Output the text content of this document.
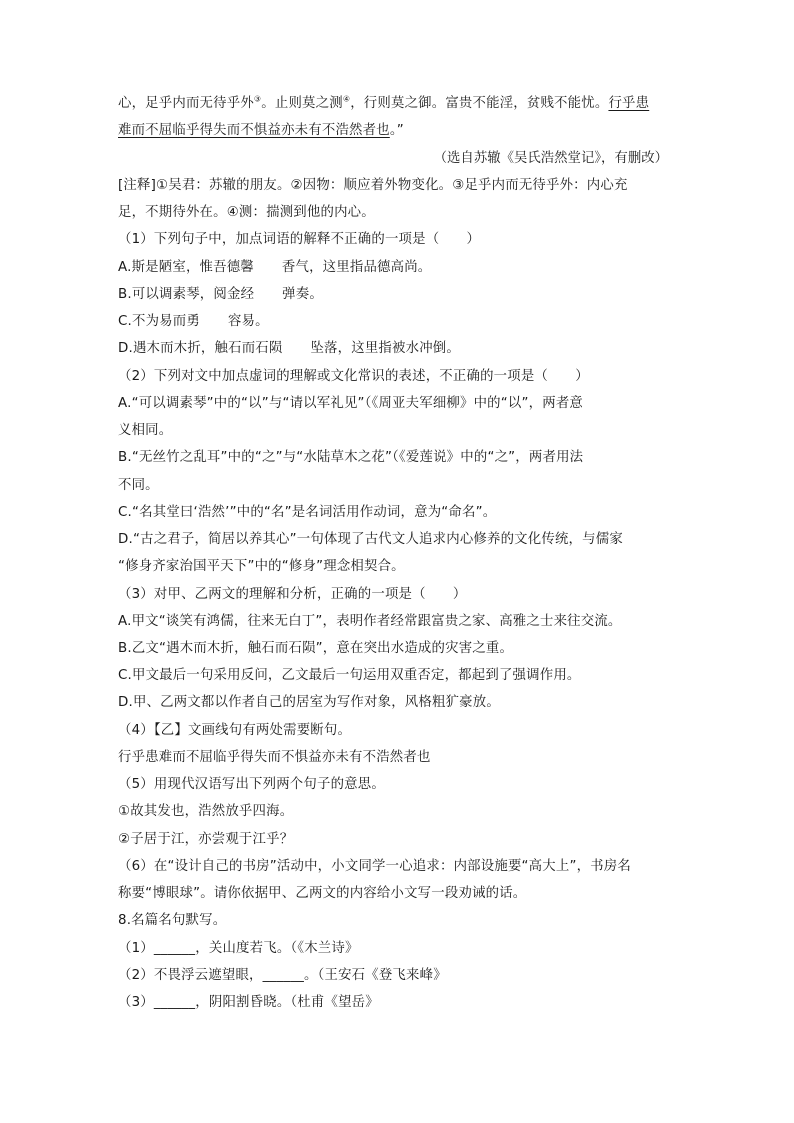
心，足乎内而无待乎外③。止则莫之测④，行则莫之御。富贵不能淫，贫贱不能忧。行乎患
难而不屈临乎得失而不惧益亦未有不浩然者也。”
（选自苏辙《吴氏浩然堂记》，有删改）
[注释]①吴君：苏辙的朋友。②因物：顺应着外物变化。③足乎内而无待乎外：内心充
足，不期待外在。④测：揣测到他的内心。
（1）下列句子中，加点词语的解释不正确的一项是（　　）
A.斯是陋室，惟吾德馨 香气，这里指品德高尚。
B.可以调素琴，阅金经 弹奏。
C.不为易而勇 容易。
D.遇木而木折，触石而石陨 坠落，这里指被水冲倒。
（2）下列对文中加点虚词的理解或文化常识的表述，不正确的一项是（　　）
A.“可以调素琴”中的“以”与“请以军礼见”（《周亚夫军细柳》中的“以”，两者意
义相同。
B.“无丝竹之乱耳”中的“之”与“水陆草木之花”（《爱莲说》中的“之”，两者用法
不同。
C.“名其堂曰‘浩然’”中的“名”是名词活用作动词，意为“命名”。
D.“古之君子，简居以养其心”一句体现了古代文人追求内心修养的文化传统，与儒家
“修身齐家治国平天下”中的“修身”理念相契合。
（3）对甲、乙两文的理解和分析，正确的一项是（　　）
A.甲文“谈笑有鸿儒，往来无白丁”，表明作者经常跟富贵之家、高雅之士来往交流。
B.乙文“遇木而木折，触石而石陨”，意在突出水造成的灾害之重。
C.甲文最后一句采用反问，乙文最后一句运用双重否定，都起到了强调作用。
D.甲、乙两文都以作者自己的居室为写作对象，风格粗犷豪放。
（4）【乙】文画线句有两处需要断句。
行乎患难而不屈临乎得失而不惧益亦未有不浩然者也
（5）用现代汉语写出下列两个句子的意思。
①故其发也，浩然放乎四海。
②子居于江，亦尝观于江乎？
（6）在“设计自己的书房”活动中，小文同学一心追求：内部设施要“高大上”，书房名
称要“博眼球”。请你依据甲、乙两文的内容给小文写一段劝诫的话。
8.名篇名句默写。
（1）______，关山度若飞。（《木兰诗》
（2）不畏浮云遮望眼，______。（王安石《登飞来峰》
（3）______，阴阳割昏晓。（杜甫《望岳》
